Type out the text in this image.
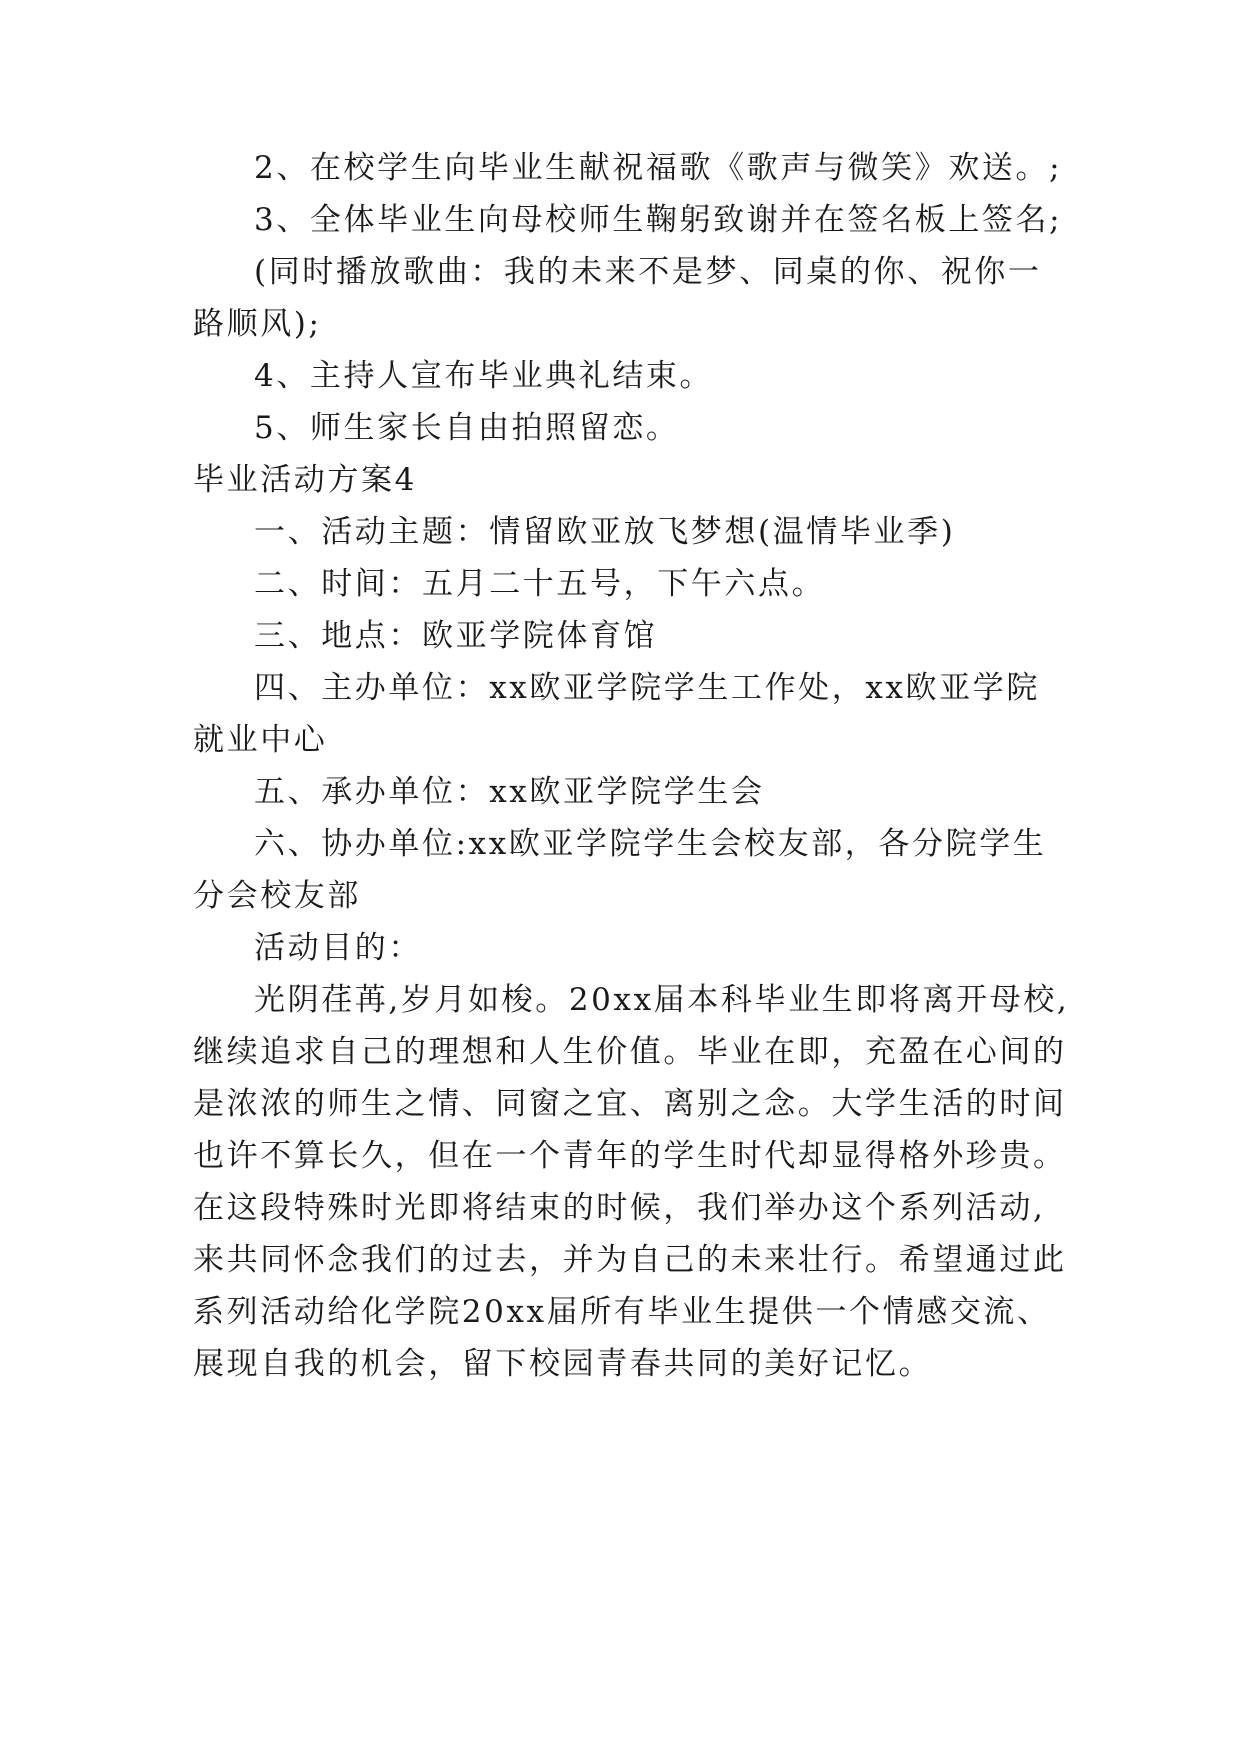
2、在校学生向毕业生献祝福歌《歌声与微笑》欢送。;
3、全体毕业生向母校师生鞠躬致谢并在签名板上签名;
(同时播放歌曲：我的未来不是梦、同桌的你、祝你一
路顺风);
4、主持人宣布毕业典礼结束。
5、师生家长自由拍照留恋。
毕业活动方案4
一、活动主题：情留欧亚放飞梦想(温情毕业季)
二、时间：五月二十五号，下午六点。
三、地点：欧亚学院体育馆
四、主办单位：xx欧亚学院学生工作处，xx欧亚学院
就业中心
五、承办单位：xx欧亚学院学生会
六、协办单位:xx欧亚学院学生会校友部，各分院学生
分会校友部
活动目的：
光阴荏苒,岁月如梭。20xx届本科毕业生即将离开母校,
继续追求自己的理想和人生价值。毕业在即，充盈在心间的
是浓浓的师生之情、同窗之宜、离别之念。大学生活的时间
也许不算长久，但在一个青年的学生时代却显得格外珍贵。
在这段特殊时光即将结束的时候，我们举办这个系列活动,
来共同怀念我们的过去，并为自己的未来壮行。希望通过此
系列活动给化学院20xx届所有毕业生提供一个情感交流、
展现自我的机会，留下校园青春共同的美好记忆。
